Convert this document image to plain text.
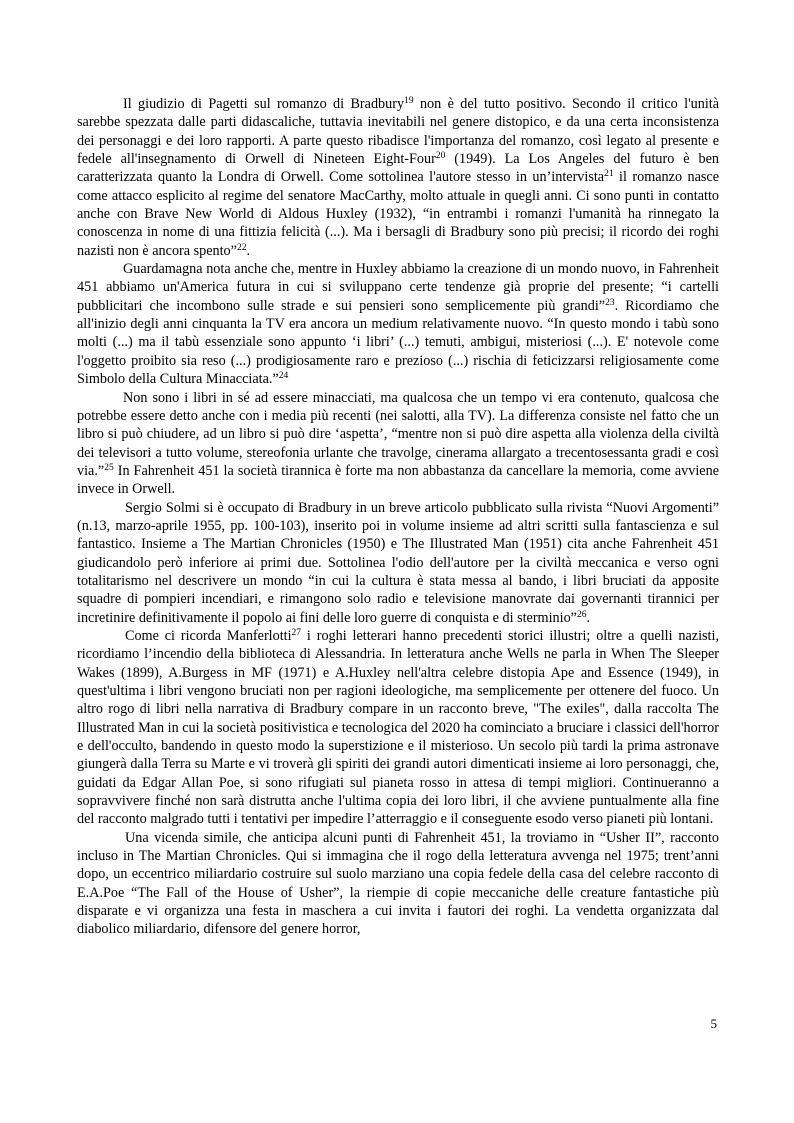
Il giudizio di Pagetti sul romanzo di Bradbury$^{19}$ non è del tutto positivo. Secondo il critico l'unità sarebbe spezzata dalle parti didascaliche, tuttavia inevitabili nel genere distopico, e da una certa inconsistenza dei personaggi e dei loro rapporti. A parte questo ribadisce l'importanza del romanzo, così legato al presente e fedele all'insegnamento di Orwell di Nineteen Eight-Four$^{20}$ (1949). La Los Angeles del futuro è ben caratterizzata quanto la Londra di Orwell. Come sottolinea l'autore stesso in un’intervista$^{21}$ il romanzo nasce come attacco esplicito al regime del senatore MacCarthy, molto attuale in quegli anni. Ci sono punti in contatto anche con Brave New World di Aldous Huxley (1932), “in entrambi i romanzi l'umanità ha rinnegato la conoscenza in nome di una fittizia felicità (...). Ma i bersagli di Bradbury sono più precisi; il ricordo dei roghi nazisti non è ancora spento”$^{22}$.

Guardamagna nota anche che, mentre in Huxley abbiamo la creazione di un mondo nuovo, in Fahrenheit 451 abbiamo un'America futura in cui si sviluppano certe tendenze già proprie del presente; “i cartelli pubblicitari che incombono sulle strade e sui pensieri sono semplicemente più grandi”$^{23}$. Ricordiamo che all'inizio degli anni cinquanta la TV era ancora un medium relativamente nuovo. “In questo mondo i tabù sono molti (...) ma il tabù essenziale sono appunto ‘i libri’ (...) temuti, ambigui, misteriosi (...). E' notevole come l'oggetto proibito sia reso (...) prodigiosamente raro e prezioso (...) rischia di feticizzarsi religiosamente come Simbolo della Cultura Minacciata.”$^{24}$

Non sono i libri in sé ad essere minacciati, ma qualcosa che un tempo vi era contenuto, qualcosa che potrebbe essere detto anche con i media più recenti (nei salotti, alla TV). La differenza consiste nel fatto che un libro si può chiudere, ad un libro si può dire ‘aspetta’, “mentre non si può dire aspetta alla violenza della civiltà dei televisori a tutto volume, stereofonia urlante che travolge, cinerama allargato a trecentosessanta gradi e così via.”$^{25}$ In Fahrenheit 451 la società tirannica è forte ma non abbastanza da cancellare la memoria, come avviene invece in Orwell.

Sergio Solmi si è occupato di Bradbury in un breve articolo pubblicato sulla rivista “Nuovi Argomenti” (n.13, marzo-aprile 1955, pp. 100-103), inserito poi in volume insieme ad altri scritti sulla fantascienza e sul fantastico. Insieme a The Martian Chronicles (1950) e The Illustrated Man (1951) cita anche Fahrenheit 451 giudicandolo però inferiore ai primi due. Sottolinea l'odio dell'autore per la civiltà meccanica e verso ogni totalitarismo nel descrivere un mondo “in cui la cultura è stata messa al bando, i libri bruciati da apposite squadre di pompieri incendiari, e rimangono solo radio e televisione manovrate dai governanti tirannici per incretinire definitivamente il popolo ai fini delle loro guerre di conquista e di sterminio”$^{26}$.

Come ci ricorda Manferlotti$^{27}$ i roghi letterari hanno precedenti storici illustri; oltre a quelli nazisti, ricordiamo l’incendio della biblioteca di Alessandria. In letteratura anche Wells ne parla in When The Sleeper Wakes (1899), A.Burgess in MF (1971) e A.Huxley nell'altra celebre distopia Ape and Essence (1949), in quest'ultima i libri vengono bruciati non per ragioni ideologiche, ma semplicemente per ottenere del fuoco. Un altro rogo di libri nella narrativa di Bradbury compare in un racconto breve, "The exiles", dalla raccolta The Illustrated Man in cui la società positivistica e tecnologica del 2020 ha cominciato a bruciare i classici dell'horror e dell'occulto, bandendo in questo modo la superstizione e il misterioso. Un secolo più tardi la prima astronave giungerà dalla Terra su Marte e vi troverà gli spiriti dei grandi autori dimenticati insieme ai loro personaggi, che, guidati da Edgar Allan Poe, si sono rifugiati sul pianeta rosso in attesa di tempi migliori. Continueranno a sopravvivere finché non sarà distrutta anche l'ultima copia dei loro libri, il che avviene puntualmente alla fine del racconto malgrado tutti i tentativi per impedire l’atterraggio e il conseguente esodo verso pianeti più lontani.

Una vicenda simile, che anticipa alcuni punti di Fahrenheit 451, la troviamo in “Usher II”, racconto incluso in The Martian Chronicles. Qui si immagina che il rogo della letteratura avvenga nel 1975; trent’anni dopo, un eccentrico miliardario costruire sul suolo marziano una copia fedele della casa del celebre racconto di E.A.Poe “The Fall of the House of Usher”, la riempie di copie meccaniche delle creature fantastiche più disparate e vi organizza una festa in maschera a cui invita i fautori dei roghi. La vendetta organizzata dal diabolico miliardario, difensore del genere horror,

5
